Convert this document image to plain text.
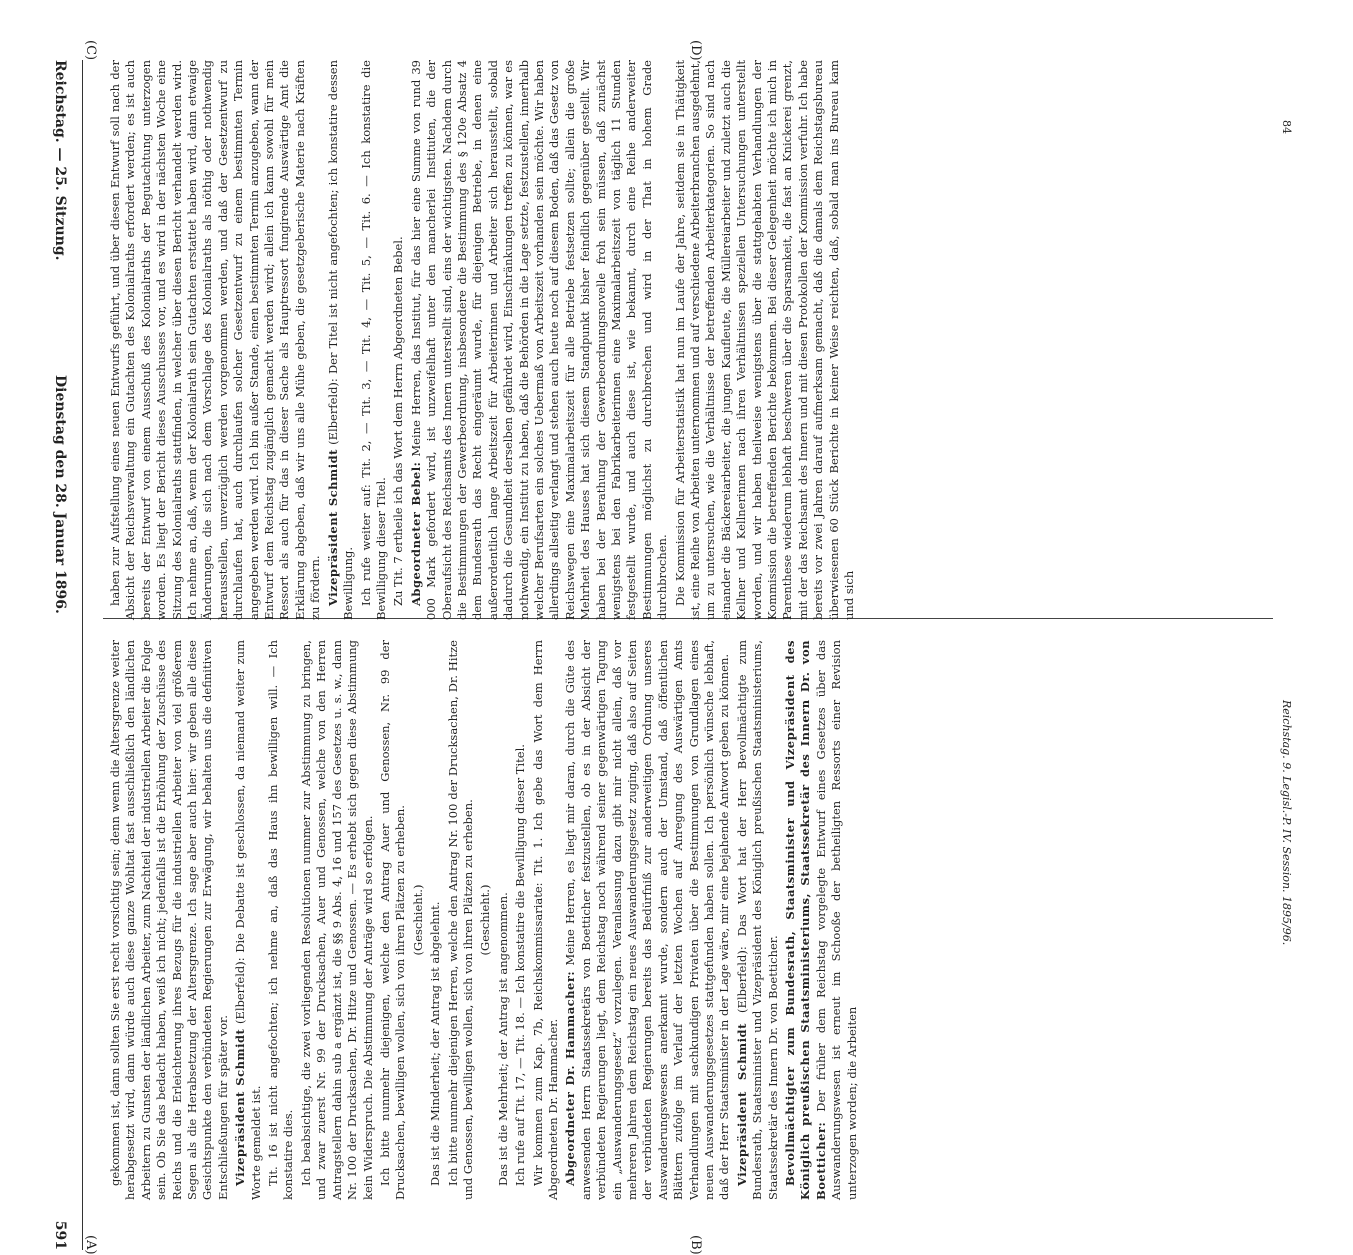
Reichstag. — 25. Sitzung.
Dienstag den 28. Januar 1896.
591 (A)	(B)
(C)	(D)

gekommen ist, dann sollten Sie erst recht vorsichtig sein; denn wenn die Altersgrenze weiter herabgesetzt wird, dann würde auch diese ganze Wohltat fast ausschließlich den ländlichen Arbeitern zu Gunsten der ländlichen Arbeiter, zum Nachteil der industriellen Arbeiter die Folge sein. Ob Sie das bedacht haben, weiß ich nicht; jedenfalls ist die Erhöhung der Zuschüsse des Reichs und die Erleichterung ihres Bezugs für die industriellen Arbeiter von viel größerem Segen als die Herabsetzung der Altersgrenze. Ich sage aber auch hier: wir geben alle diese Gesichtspunkte den verbündeten Regierungen zur Erwägung, wir behalten uns die definitiven Entschließungen für später vor. Vizepräsident Schmidt (Elberfeld): Die Debatte ist geschlossen, da niemand weiter zum Worte gemeldet ist. Tit. 16 ist nicht angefochten; ich nehme an, daß das Haus ihn bewilligen will. — Ich konstatire dies. Ich beabsichtige, die zwei vorliegenden Resolutionen nummer zur Abstimmung zu bringen, und zwar zuerst Nr. 99 der Drucksachen, Auer und Genossen, welche von den Herren Antragstellern dahin sub a ergänzt ist, die §§ 9 Abs. 4, 16 und 157 des Gesetzes u. s. w., dann Nr. 100 der Drucksachen, Dr. Hitze und Genossen. — Es erhebt sich gegen diese Abstimmung kein Widerspruch. Die Abstimmung der Anträge wird so erfolgen. Ich bitte nunmehr diejenigen, welche den Antrag Auer und Genossen, Nr. 99 der Drucksachen, bewilligen wollen, sich von ihren Plätzen zu erheben. (Geschieht.) Das ist die Minderheit; der Antrag ist abgelehnt. Ich bitte nunmehr diejenigen Herren, welche den Antrag Nr. 100 der Drucksachen, Dr. Hitze und Genossen, bewilligen wollen, sich von ihren Plätzen zu erheben. (Geschieht.) Das ist die Mehrheit; der Antrag ist angenommen. Ich rufe auf Tit. 17, — Tit. 18. — Ich konstatire die Bewilligung dieser Titel. Wir kommen zum Kap. 7b, Reichskommissariate: Tit. 1. Ich gebe das Wort dem Herrn Abgeordneten Dr. Hammacher. Abgeordneter Dr. Hammacher: Meine Herren, es liegt mir daran, durch die Güte des anwesenden Herrn Staatssekretärs von Boetticher festzustellen, ob es in der Absicht der verbündeten Regierungen liegt, dem Reichstag noch während seiner gegenwärtigen Tagung ein „Auswanderungsgesetz“ vorzulegen. Veranlassung dazu gibt mir nicht allein, daß vor mehreren Jahren dem Reichstag ein neues Auswanderungsgesetz zuging, daß also auf Seiten der verbündeten Regierungen bereits das Bedürfniß zur anderweitigen Ordnung unseres Auswanderungswesens anerkannt wurde, sondern auch der Umstand, daß öffentlichen Blättern zufolge im Verlauf der letzten Wochen auf Anregung des Auswärtigen Amts Verhandlungen mit sachkundigen Privaten über die Bestimmungen von Grundlagen eines neuen Auswanderungsgesetzes stattgefunden haben sollen. Ich persönlich wünsche lebhaft, daß der Herr Staatsminister in der Lage wäre, mir eine bejahende Antwort geben zu können. Vizepräsident Schmidt (Elberfeld): Das Wort hat der Herr Bevollmächtigte zum Bundesrath, Staatsminister und Vizepräsident des Königlich preußischen Staatsministeriums, Staatssekretär des Innern Dr. von Boetticher. Bevollmächtigter zum Bundesrath, Staatsminister und Vizepräsident des Königlich preußischen Staatsministeriums, Staatssekretär des Innern Dr. von Boetticher: Der früher dem Reichstag vorgelegte Entwurf eines Gesetzes über das Auswanderungswesen ist erneut im Schooße der betheiligten Ressorts einer Revision unterzogen worden; die Arbeiten

haben zur Aufstellung eines neuen Entwurfs geführt, und über diesen Entwurf soll nach der Absicht der Reichsverwaltung ein Gutachten des Kolonialraths erfordert werden; es ist auch bereits der Entwurf von einem Ausschuß des Kolonialraths der Begutachtung unterzogen worden. Es liegt der Bericht dieses Ausschusses vor, und es wird in der nächsten Woche eine Sitzung des Kolonialraths stattfinden, in welcher über diesen Bericht verhandelt werden wird. Ich nehme an, daß, wenn der Kolonialrath sein Gutachten erstattet haben wird, dann etwaige Änderungen, die sich nach dem Vorschlage des Kolonialraths als nöthig oder nothwendig herausstellen, unverzüglich werden vorgenommen werden, und daß der Gesetzentwurf zu durchlaufen hat, auch durchlaufen solcher Gesetzentwurf zu einem bestimmten Termin angegeben werden wird. Ich bin außer Stande, einen bestimmten Termin anzugeben, wann der Entwurf dem Reichstag zugänglich gemacht werden wird; allein ich kann sowohl für mein Ressort als auch für das in dieser Sache als Hauptressort fungirende Auswärtige Amt die Erklärung abgeben, daß wir uns alle Mühe geben, die gesetzgeberische Materie nach Kräften zu fördern. Vizepräsident Schmidt (Elberfeld): Der Titel ist nicht angefochten; ich konstatire dessen Bewilligung. Ich rufe weiter auf: Tit. 2, — Tit. 3, — Tit. 4, — Tit. 5, — Tit. 6. — Ich konstatire die Bewilligung dieser Titel. Zu Tit. 7 ertheile ich das Wort dem Herrn Abgeordneten Bebel. Abgeordneter Bebel: Meine Herren, das Institut, für das hier eine Summe von rund 39 000 Mark gefordert wird, ist unzweifelhaft unter den mancherlei Instituten, die der Oberaufsicht des Reichsamts des Innern unterstellt sind, eins der wichtigsten. Nachdem durch die Bestimmungen der Gewerbeordnung, insbesondere die Bestimmung des § 120e Absatz 4 dem Bundesrath das Recht eingeräumt wurde, für diejenigen Betriebe, in denen eine außerordentlich lange Arbeitszeit für Arbeiterinnen und Arbeiter sich herausstellt, sobald dadurch die Gesundheit derselben gefährdet wird, Einschränkungen treffen zu können, war es nothwendig, ein Institut zu haben, daß die Behörden in die Lage setzte, festzustellen, innerhalb welcher Berufsarten ein solches Uebermaß von Arbeitszeit vorhanden sein möchte. Wir haben allerdings allseitig verlangt und stehen auch heute noch auf diesem Boden, daß das Gesetz von Reichswegen eine Maximalarbeitszeit für alle Betriebe festsetzen sollte; allein die große Mehrheit des Hauses hat sich diesem Standpunkt bisher feindlich gegenüber gestellt. Wir haben bei der Berathung der Gewerbeordnungsnovelle froh sein müssen, daß zunächst wenigstens bei den Fabrikarbeiterinnen eine Maximalarbeitszeit von täglich 11 Stunden festgestellt wurde, und auch diese ist, wie bekannt, durch eine Reihe anderweiter Bestimmungen möglichst zu durchbrechen und wird in der That in hohem Grade durchbrochen. Die Kommission für Arbeiterstatistik hat nun im Laufe der Jahre, seitdem sie in Thätigkeit ist, eine Reihe von Arbeiten unternommen und auf verschiedene Arbeiterbranchen ausgedehnt, um zu untersuchen, wie die Verhältnisse der betreffenden Arbeiterkategorien. So sind nach einander die Bäckereiarbeiter, die jungen Kaufleute, die Müllereiarbeiter und zuletzt auch die Kellner und Kellnerinnen nach ihren Verhältnissen speziellen Untersuchungen unterstellt worden, und wir haben theilweise wenigstens über die stattgehabten Verhandlungen der Kommission die betreffenden Berichte bekommen. Bei dieser Gelegenheit möchte ich mich in Parenthese wiederum lebhaft beschweren über die Sparsamkeit, die fast an Knickerei grenzt, mit der das Reichsamt des Innern und mit diesen Protokollen der Kommission verfuhr. Ich habe bereits vor zwei Jahren darauf aufmerksam gemacht, daß die damals dem Reichstagsbureau überwiesenen 60 Stück Berichte in keiner Weise reichten, daß, sobald man ins Bureau kam und sich

Reichstag. 9. Legisl.-P. IV. Session. 1895/96.
84
